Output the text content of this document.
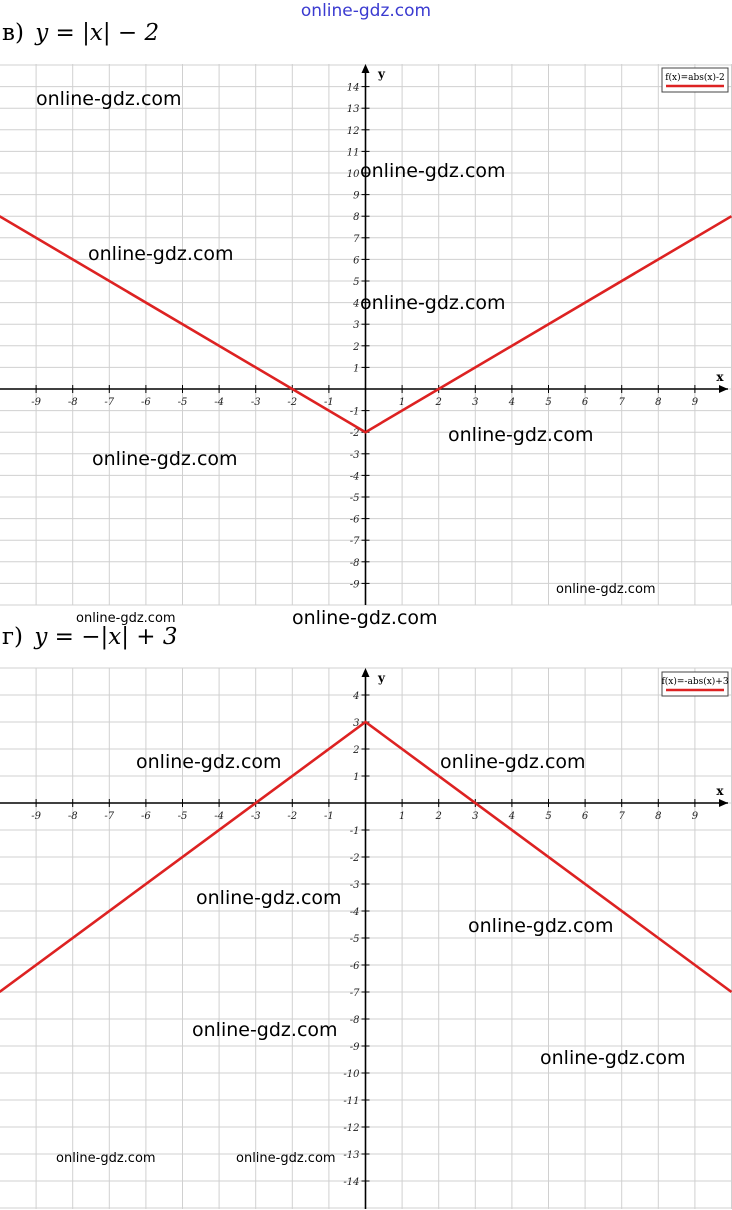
online-gdz.com
в) y = |x| − 2
x
y
-9	-8	-7	-6	-5	-4	-3	-2	-1	1	2	3	4	5	6	7	8	9
-9
-8
-7
-6
-5
-4
-3
-2
-1
1
2
3
4
5
6
7
8
9
10
11
12
13
14
f(x)=abs(x)-2
г) y = −|x| + 3
x
y
-9	-8	-7	-6	-5	-4	-3	-2	-1	1	2	3	4	5	6	7	8	9
-14
-13
-12
-11
-10
-9
-8
-7
-6
-5
-4
-3
-2
-1
1
2
3
4
f(x)=-abs(x)+3
online-gdz.com
online-gdz.com
online-gdz.com
online-gdz.com
online-gdz.com
online-gdz.com
online-gdz.com
online-gdz.com	online-gdz.com
online-gdz.com	online-gdz.com
online-gdz.com
online-gdz.com
online-gdz.com
online-gdz.com
online-gdz.com	online-gdz.com
